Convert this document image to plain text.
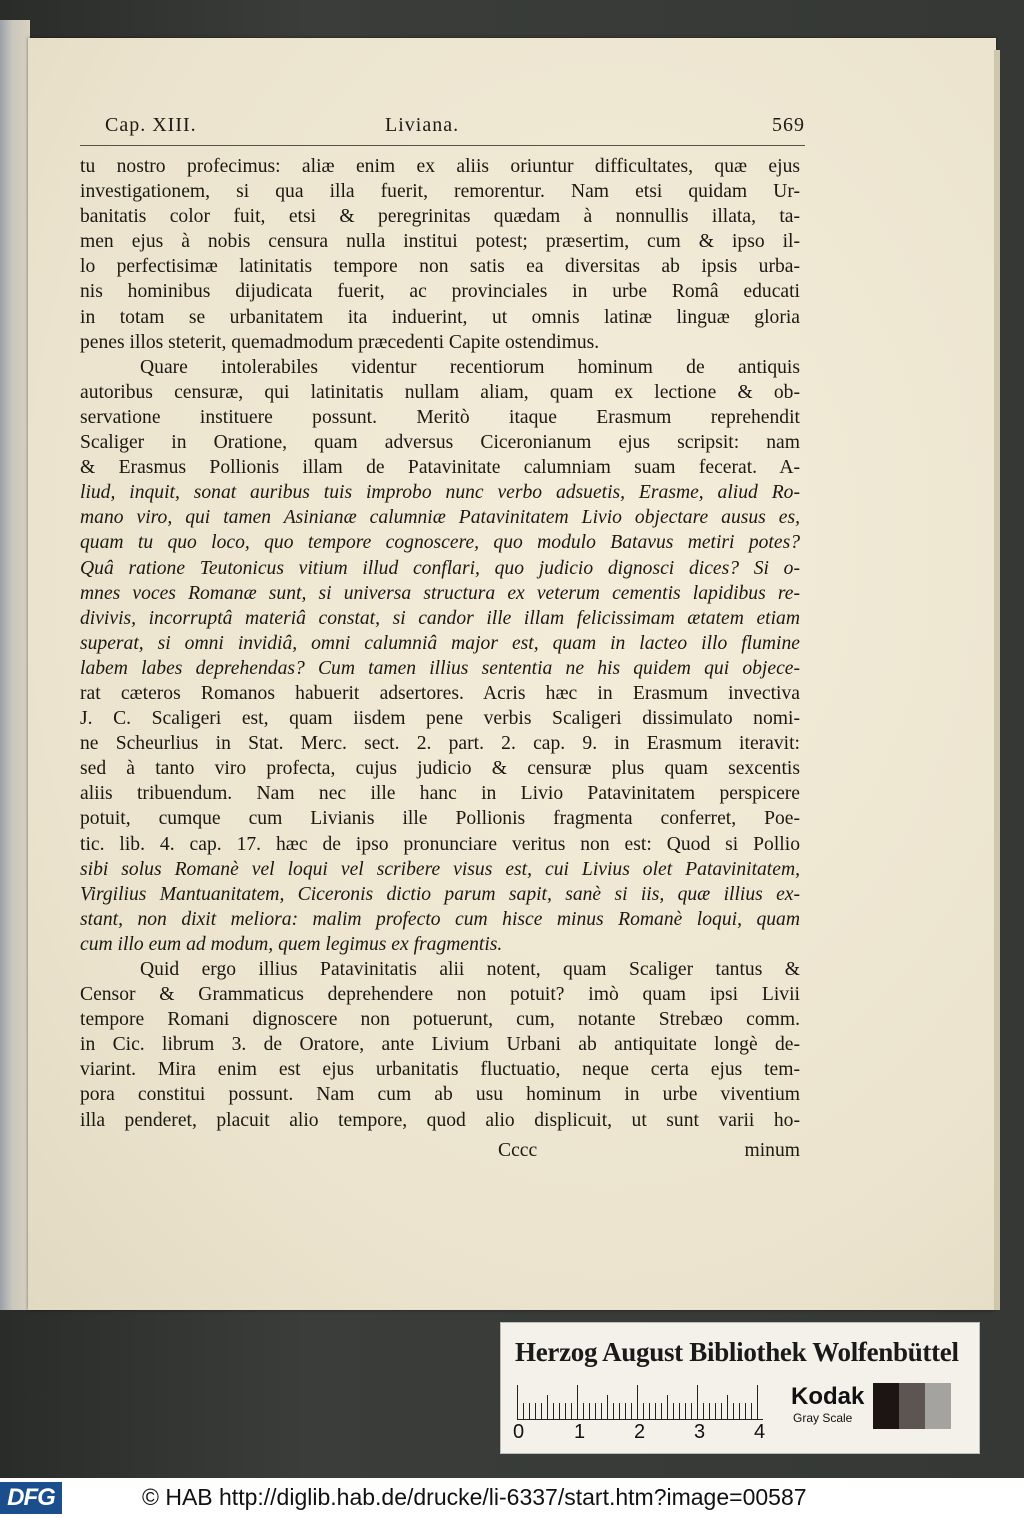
Cap. XIII.	Liviana.	569
tu nostro profecimus: aliæ enim ex aliis oriuntur difficultates, quæ ejus
investigationem, si qua illa fuerit, remorentur. Nam etsi quidam Ur-
banitatis color fuit, etsi & peregrinitas quædam à nonnullis illata, ta-
men ejus à nobis censura nulla institui potest; præsertim, cum & ipso il-
lo perfectisimæ latinitatis tempore non satis ea diversitas ab ipsis urba-
nis hominibus dijudicata fuerit, ac provinciales in urbe Româ educati
in totam se urbanitatem ita induerint, ut omnis latinæ linguæ gloria
penes illos steterit, quemadmodum præcedenti Capite ostendimus.
Quare intolerabiles videntur recentiorum hominum de antiquis
autoribus censuræ, qui latinitatis nullam aliam, quam ex lectione & ob-
servatione instituere possunt. Meritò itaque Erasmum reprehendit
Scaliger in Oratione, quam adversus Ciceronianum ejus scripsit: nam
& Erasmus Pollionis illam de Patavinitate calumniam suam fecerat. A-
liud, inquit, sonat auribus tuis improbo nunc verbo adsuetis, Erasme, aliud Ro-
mano viro, qui tamen Asinianæ calumniæ Patavinitatem Livio objectare ausus es,
quam tu quo loco, quo tempore cognoscere, quo modulo Batavus metiri potes?
Quâ ratione Teutonicus vitium illud conflari, quo judicio dignosci dices? Si o-
mnes voces Romanæ sunt, si universa structura ex veterum cementis lapidibus re-
divivis, incorruptâ materiâ constat, si candor ille illam felicissimam ætatem etiam
superat, si omni invidiâ, omni calumniâ major est, quam in lacteo illo flumine
labem labes deprehendas? Cum tamen illius sententia ne his quidem qui objece-
rat cæteros Romanos habuerit adsertores. Acris hæc in Erasmum invectiva
J. C. Scaligeri est, quam iisdem pene verbis Scaligeri dissimulato nomi-
ne Scheurlius in Stat. Merc. sect. 2. part. 2. cap. 9. in Erasmum iteravit:
sed à tanto viro profecta, cujus judicio & censuræ plus quam sexcentis
aliis tribuendum. Nam nec ille hanc in Livio Patavinitatem perspicere
potuit, cumque cum Livianis ille Pollionis fragmenta conferret, Poe-
tic. lib. 4. cap. 17. hæc de ipso pronunciare veritus non est: Quod si Pollio
sibi solus Romanè vel loqui vel scribere visus est, cui Livius olet Patavinitatem,
Virgilius Mantuanitatem, Ciceronis dictio parum sapit, sanè si iis, quæ illius ex-
stant, non dixit meliora: malim profecto cum hisce minus Romanè loqui, quam
cum illo eum ad modum, quem legimus ex fragmentis.
Quid ergo illius Patavinitatis alii notent, quam Scaliger tantus &
Censor & Grammaticus deprehendere non potuit? imò quam ipsi Livii
tempore Romani dignoscere non potuerunt, cum, notante Strebæo comm.
in Cic. librum 3. de Oratore, ante Livium Urbani ab antiquitate longè de-
viarint. Mira enim est ejus urbanitatis fluctuatio, neque certa ejus tem-
pora constitui possunt. Nam cum ab usu hominum in urbe viventium
illa penderet, placuit alio tempore, quod alio displicuit, ut sunt varii ho-
Cccc	minum
Herzog August Bibliothek Wolfenbüttel
0 1 2 3 4
Kodak
Gray Scale
DFG	© HAB http://diglib.hab.de/drucke/li-6337/start.htm?image=00587
